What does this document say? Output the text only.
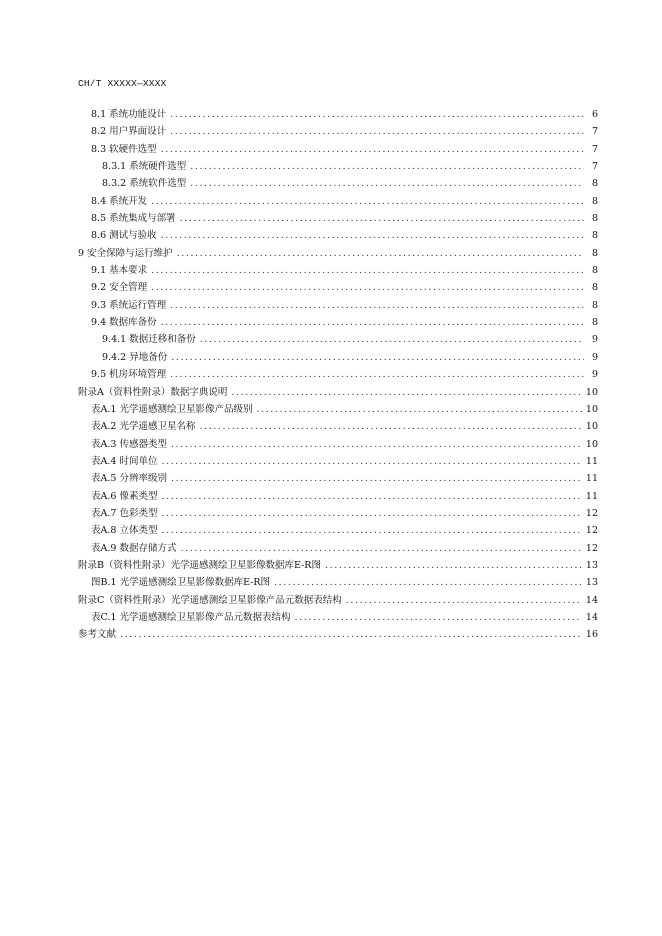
CH/T XXXXX—XXXX
8.1 系统功能设计 .....	6
8.2 用户界面设计 .....	7
8.3 软硬件选型 .....	7
8.3.1 系统硬件选型 .....	7
8.3.2 系统软件选型 .....	8
8.4 系统开发 .....	8
8.5 系统集成与部署 .....	8
8.6 测试与验收 .....	8
9 安全保障与运行维护 .....	8
9.1 基本要求 .....	8
9.2 安全管理 .....	8
9.3 系统运行管理 .....	8
9.4 数据库备份 .....	8
9.4.1 数据迁移和备份 .....	9
9.4.2 异地备份 .....	9
9.5 机房环境管理 .....	9
附录A（资料性附录）数据字典说明 .....	10
表A.1 光学遥感测绘卫星影像产品级别 .....	10
表A.2 光学遥感卫星名称 .....	10
表A.3 传感器类型 .....	10
表A.4 时间单位 .....	11
表A.5 分辨率级别 .....	11
表A.6 像素类型 .....	11
表A.7 色彩类型 .....	12
表A.8 立体类型 .....	12
表A.9 数据存储方式 .....	12
附录B（资料性附录）光学遥感测绘卫星影像数据库E-R图 .....	13
图B.1 光学遥感测绘卫星影像数据库E-R图 .....	13
附录C（资料性附录）光学遥感测绘卫星影像产品元数据表结构 .....	14
表C.1 光学遥感测绘卫星影像产品元数据表结构 .....	14
参考文献 .....	16
